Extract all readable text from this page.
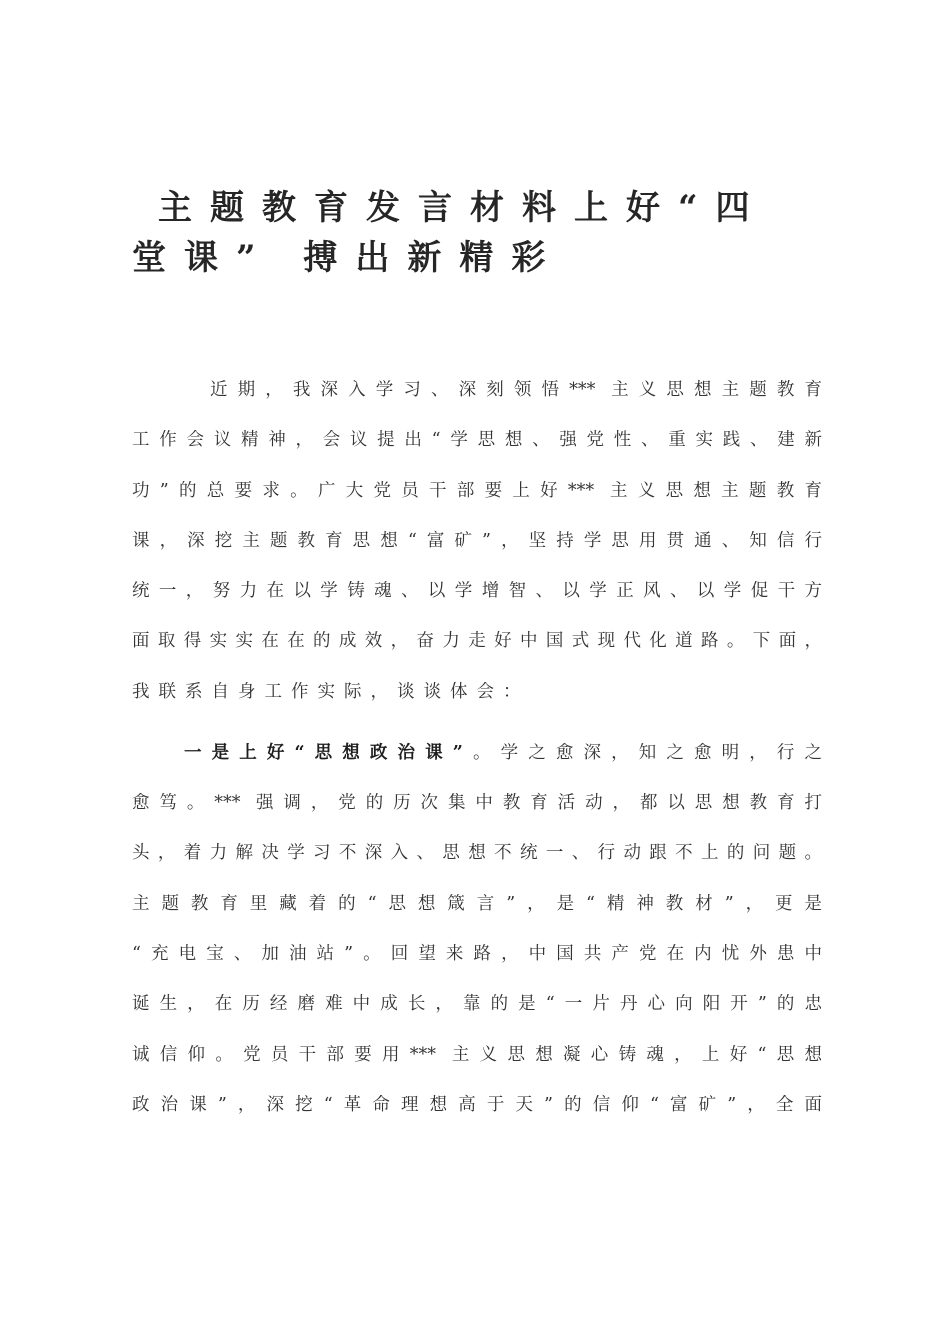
主题教育发言材料上好“四
堂课” 搏出新精彩
近期，我深入学习、深刻领悟*** 主义思想主题教育
工作会议精神，会议提出“学思想、强党性、重实践、建新
功”的总要求。广大党员干部要上好*** 主义思想主题教育
课，深挖主题教育思想“富矿”，坚持学思用贯通、知信行
统一，努力在以学铸魂、以学增智、以学正风、以学促干方
面取得实实在在的成效，奋力走好中国式现代化道路。下面，
我联系自身工作实际，谈谈体会：
一是上好“思想政治课”。学之愈深，知之愈明，行之
愈笃。*** 强调，党的历次集中教育活动，都以思想教育打
头，着力解决学习不深入、思想不统一、行动跟不上的问题。
主题教育里藏着的“思想箴言”，是“精神教材”，更是
“充电宝、加油站”。回望来路，中国共产党在内忧外患中
诞生，在历经磨难中成长，靠的是“一片丹心向阳开”的忠
诚信仰。党员干部要用*** 主义思想凝心铸魂，上好“思想
政治课”，深挖“革命理想高于天”的信仰“富矿”，全面
